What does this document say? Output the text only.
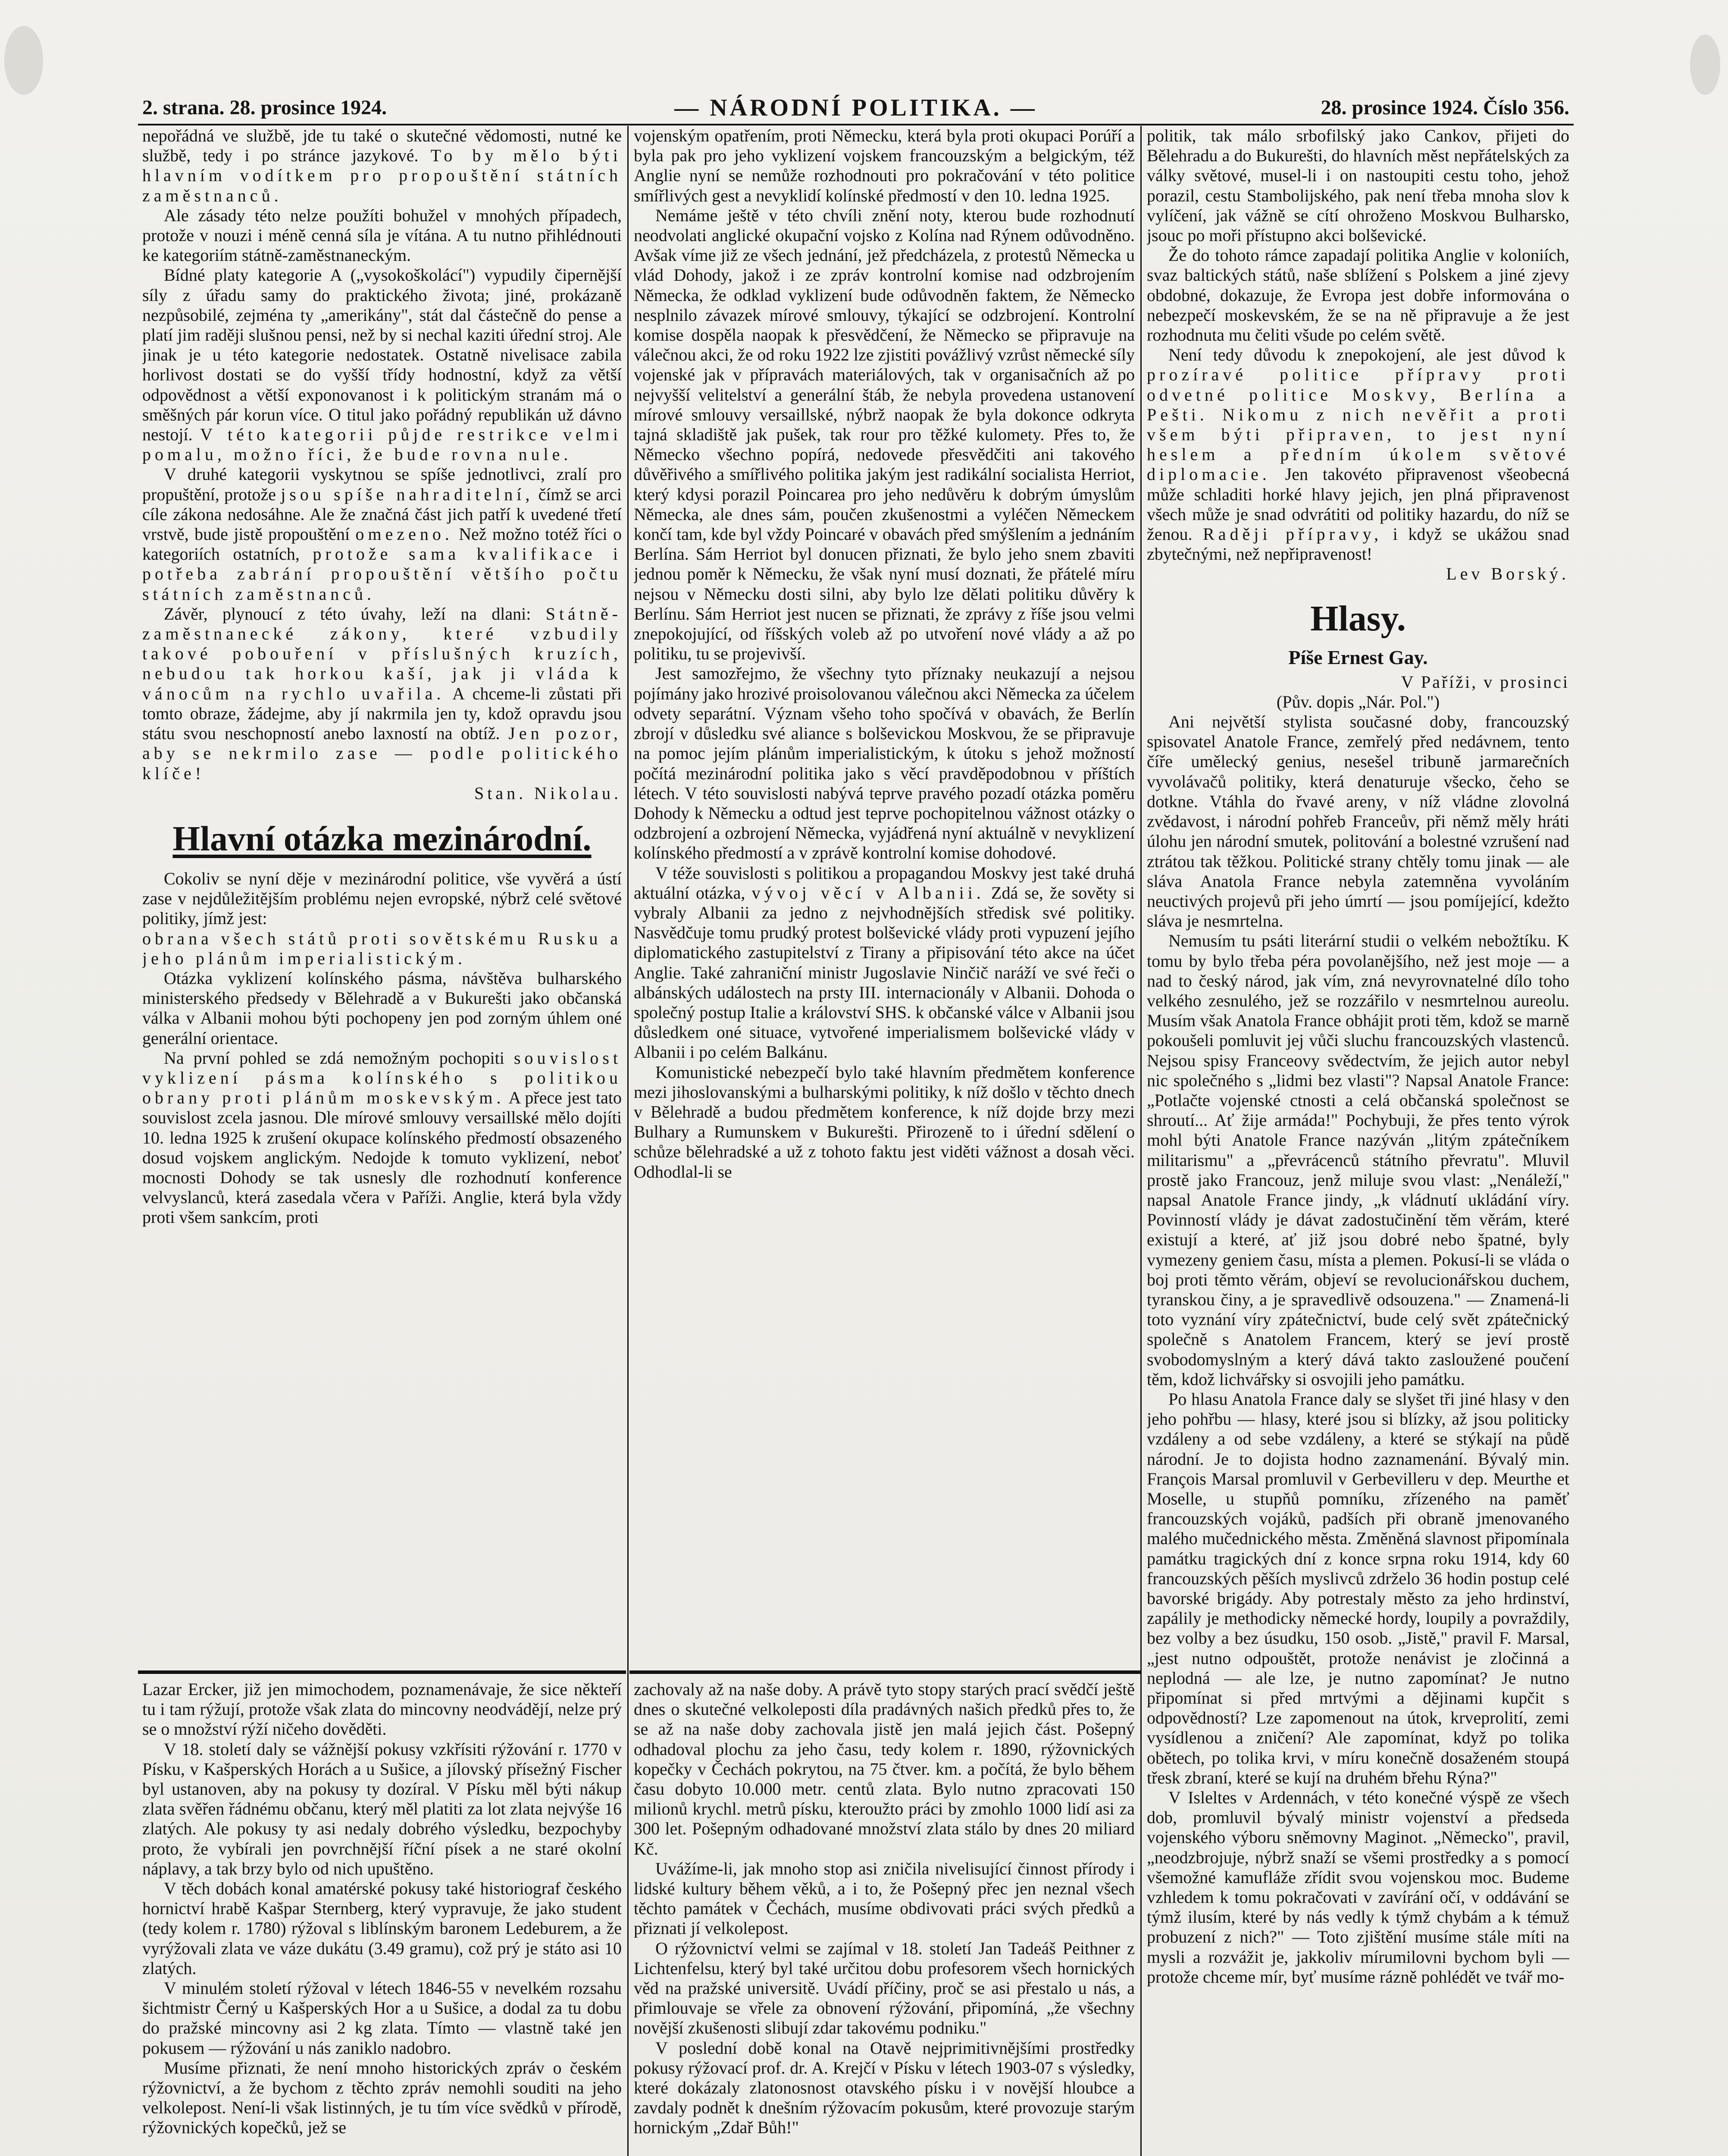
2. strana. 28. prosince 1924.	— NÁRODNÍ POLITIKA. —	28. prosince 1924. Číslo 356.

nepořádná ve službě, jde tu také o skutečné vědomosti, nutné ke službě, tedy i po stránce jazykové. To by mělo býti hlavním vodítkem pro propouštění státních zaměstnanců.

Ale zásady této nelze použíti bohužel v mnohých případech, protože v nouzi i méně cenná síla je vítána. A tu nutno přihlédnouti ke kategoriím státně-zaměstnaneckým.

Bídné platy kategorie A („vysokoškolácí") vypudily čipernější síly z úřadu samy do praktického života; jiné, prokázaně nezpůsobilé, zejména ty „amerikány", stát dal částečně do pense a platí jim raději slušnou pensi, než by si nechal kaziti úřední stroj. Ale jinak je u této kategorie nedostatek. Ostatně nivelisace zabila horlivost dostati se do vyšší třídy hodnostní, když za větší odpovědnost a větší exponovanost i k politickým stranám má o směšných pár korun více. O titul jako pořádný republikán už dávno nestojí. V této kategorii půjde restrikce velmi pomalu, možno říci, že bude rovna nule.

V druhé kategorii vyskytnou se spíše jednotlivci, zralí pro propuštění, protože jsou spíše nahraditelní, čímž se arci cíle zákona nedosáhne. Ale že značná část jich patří k uvedené třetí vrstvě, bude jistě propouštění omezeno. Než možno totéž říci o kategoriích ostatních, protože sama kvalifikace i potřeba zabrání propouštění většího počtu státních zaměstnanců.

Závěr, plynoucí z této úvahy, leží na dlani: Státně-zaměstnanecké zákony, které vzbudily takové pobouření v příslušných kruzích, nebudou tak horkou kaší, jak ji vládа k vánocům na rychlo uvařila. A chceme-li zůstati při tomto obraze, žádejme, aby jí nakrmila jen ty, kdož opravdu jsou státu svou neschopností anebo laxností na obtíž. Jen pozor, aby se nekrmilo zase — podle politického klíče!

Stan. Nikolau.

Hlavní otázka mezinárodní.

Cokoliv se nyní děje v mezinárodní politice, vše vyvěrá a ústí zase v nejdůležitějším problému nejen evropské, nýbrž celé světové politiky, jímž jest:

obrana všech států proti sovětskému Rusku a jeho plánům imperialistickým.

Otázka vyklizení kolínského pásma, návštěva bulharského ministerského předsedy v Bělehradě a v Bukurešti jako občanská válka v Albanii mohou býti pochopeny jen pod zorným úhlem oné generální orientace.

Na první pohled se zdá nemožným pochopiti souvislost vyklizení pásma kolínského s politikou obrany proti plánům moskevským. A přece jest tato souvislost zcela jasnou. Dle mírové smlouvy versaillské mělo dojíti 10. ledna 1925 k zrušení okupace kolínského předmostí obsazeného dosud vojskem anglickým. Nedojde k tomuto vyklizení, neboť mocnosti Dohody se tak usnesly dle rozhodnutí konference velvyslanců, která zasedala včera v Paříži. Anglie, která byla vždy proti všem sankcím, proti

vojenským opatřením, proti Německu, která byla proti okupaci Porúří a byla pak pro jeho vyklizení vojskem francouzským a belgickým, též Anglie nyní se nemůže rozhodnouti pro pokračování v této politice smířlivých gest a nevyklidí kolínské předmostí v den 10. ledna 1925.

Nemáme ještě v této chvíli znění noty, kterou bude rozhodnutí neodvolati anglické okupační vojsko z Kolína nad Rýnem odůvodněno. Avšak víme již ze všech jednání, jež předcházela, z protestů Německa u vlád Dohody, jakož i ze zpráv kontrolní komise nad odzbrojením Německa, že odklad vyklizení bude odůvodněn faktem, že Německo nesplnilo závazek mírové smlouvy, týkající se odzbrojení. Kontrolní komise dospěla naopak k přesvědčení, že Německo se připravuje na válečnou akci, že od roku 1922 lze zjistiti povážlivý vzrůst německé síly vojenské jak v přípravách materiálových, tak v organisačních až po nejvyšší velitelství a generální štáb, že nebyla provedena ustanovení mírové smlouvy versaillské, nýbrž naopak že byla dokonce odkryta tajná skladiště jak pušek, tak rour pro těžké kulomety. Přes to, že Německo všechno popírá, nedovede přesvědčiti ani takového důvěřivého a smířlivého politika jakým jest radikální socialista Herriot, který kdysi porazil Poincarea pro jeho nedůvěru k dobrým úmyslům Německa, ale dnes sám, poučen zkušenostmi a vyléčen Německem končí tam, kde byl vždy Poincaré v obavách před smýšlením a jednáním Berlína. Sám Herriot byl donucen přiznati, že bylo jeho snem zbaviti jednou poměr k Německu, že však nyní musí doznati, že přátelé míru nejsou v Německu dosti silni, aby bylo lze dělati politiku důvěry k Berlínu. Sám Herriot jest nucen se přiznati, že zprávy z říše jsou velmi znepokojující, od říšských voleb až po utvoření nové vlády a až po politiku, tu se projevivší.

Jest samozřejmo, že všechny tyto příznaky neukazují a nejsou pojímány jako hrozivé proisolovanou válečnou akci Německa za účelem odvety separátní. Význam všeho toho spočívá v obavách, že Berlín zbrojí v důsledku své aliance s bolševickou Moskvou, že se připravuje na pomoc jejím plánům imperialistickým, k útoku s jehož možností počítá mezinárodní politika jako s věcí pravděpodobnou v příštích létech. V této souvislosti nabývá teprve pravého pozadí otázka poměru Dohody k Německu a odtud jest teprve pochopitelnou vážnost otázky o odzbrojení a ozbrojení Německa, vyjádřená nyní aktuálně v nevyklizení kolínského předmostí a v zprávě kontrolní komise dohodové.

V téže souvislosti s politikou a propagandou Moskvy jest také druhá aktuální otázka, vývoj věcí v Albanii. Zdá se, že sověty si vybraly Albanii za jedno z nejvhodnějších středisk své politiky. Nasvědčuje tomu prudký protest bolševické vlády proti vypuzení jejího diplomatického zastupitelství z Tirany a připisování této akce na účet Anglie. Také zahraniční ministr Jugoslavie Ninčič naráží ve své řeči o albánských událostech na prsty III. internacionály v Albanii. Dohoda o společný postup Italie a království SHS. k občanské válce v Albanii jsou důsledkem oné situace, vytvořené imperialismem bolševické vlády v Albanii i po celém Balkánu.

Komunistické nebezpečí bylo také hlavním předmětem konference mezi jihoslovanskými a bulharskými politiky, k níž došlo v těchto dnech v Bělehradě a budou předmětem konference, k níž dojde brzy mezi Bulhary a Rumunskem v Bukurešti. Přirozeně to i úřední sdělení o schůze bělehradské a už z tohoto faktu jest viděti vážnost a dosah věci. Odhodlal-li se

politik, tak málo srbofilský jako Cankov, přijeti do Bělehradu a do Bukurešti, do hlavních měst nepřátelských za války světové, musel-li i on nastoupiti cestu toho, jehož porazil, cestu Stambolijského, pak není třeba mnoha slov k vylíčení, jak vážně se cítí ohroženo Moskvou Bulharsko, jsouc po moři přístupno akci bolševické.

Že do tohoto rámce zapadají politika Anglie v koloniích, svaz baltických států, naše sblížení s Polskem a jiné zjevy obdobné, dokazuje, že Evropa jest dobře informována o nebezpečí moskevském, že se na ně připravuje a že jest rozhodnuta mu čeliti všude po celém světě.

Není tedy důvodu k znepokojení, ale jest důvod k prozíravé politice přípravy proti odvetné politice Moskvy, Berlína a Pešti. Nikomu z nich nevěřit a proti všem býti připraven, to jest nyní heslem a předním úkolem světové diplomacie. Jen takovéto připravenost všeobecná může schladiti horké hlavy jejich, jen plná připravenost všech může je snad odvrátiti od politiky hazardu, do níž se ženou. Raději přípravy, i když se ukážou snad zbytečnými, než nepřipravenost!

Lev Borský.

Hlasy.
Píše Ernest Gay.

V Paříži, v prosinci

(Pův. dopis „Nár. Pol.")

Ani největší stylista současné doby, francouzský spisovatel Anatole France, zemřelý před nedávnem, tento číře umělecký genius, nesešel tribuně jarmarečních vyvolávačů politiky, která denaturuje všecko, čeho se dotkne. Vtáhla do řvavé areny, v níž vládne zlovolná zvědavost, i národní pohřeb Franceův, při němž měly hráti úlohu jen národní smutek, politování a bolestné vzrušení nad ztrátou tak těžkou. Politické strany chtěly tomu jinak — ale sláva Anatola France nebyla zatemněna vyvoláním neuctivých projevů při jeho úmrtí — jsou pomíjející, kdežto sláva je nesmrtelna.

Nemusím tu psáti literární studii o velkém nebožtíku. K tomu by bylo třeba péra povolanějšího, než jest moje — a nad to český národ, jak vím, zná nevyrovnatelné dílo toho velkého zesnulého, jež se rozzářilo v nesmrtelnou aureolu. Musím však Anatola France obhájit proti těm, kdož se marně pokoušeli pomluvit jej vůči sluchu francouzských vlastenců. Nejsou spisy Franceovy svědectvím, že jejich autor nebyl nic společného s „lidmi bez vlasti"? Napsal Anatole France: „Potlačte vojenské ctnosti a celá občanská společnost se shroutí... Ať žije armáda!" Pochybuji, že přes tento výrok mohl býti Anatole France nazýván „litým zpátečníkem militarismu" a „převrácenců státního převratu". Mluvil prostě jako Francouz, jenž miluje svou vlast: „Nenáleží," napsal Anatole France jindy, „k vládnutí ukládání víry. Povinností vlády je dávat zadostučinění těm věrám, které existují a které, ať již jsou dobré nebo špatné, byly vymezeny geniem času, místa a plemen. Pokusí-li se vláda o boj proti těmto věrám, objeví se revolucionářskou duchem, tyranskou činy, a je spravedlivě odsouzena." — Znamená-li toto vyznání víry zpátečnictví, bude celý svět zpátečnický společně s Anatolem Francem, který se jeví prostě svobodomyslným a který dává takto zasloužené poučení těm, kdož lichvářsky si osvojili jeho památku.

Po hlasu Anatola France daly se slyšet tři jiné hlasy v den jeho pohřbu — hlasy, které jsou si blízky, až jsou politicky vzdáleny a od sebe vzdáleny, a které se stýkají na půdě národní. Je to dojista hodno zaznamenání. Bývalý min. François Marsal promluvil v Gerbevilleru v dep. Meurthe et Moselle, u stupňů pomníku, zřízeného na paměť francouzských vojáků, padších při obraně jmenovaného malého mučednického města. Změněná slavnost připomínala památku tragických dní z konce srpna roku 1914, kdy 60 francouzských pěších myslivců zdrželo 36 hodin postup celé bavorské brigády. Aby potrestaly město za jeho hrdinství, zapálily je methodicky německé hordy, loupily a povraždily, bez volby a bez úsudku, 150 osob. „Jistě," pravil F. Marsal, „jest nutno odpouštět, protože nenávist je zločinná a neplodná — ale lze, je nutno zapomínat? Je nutno připomínat si před mrtvými a dějinami kupčit s odpovědností? Lze zapomenout na útok, krveprolití, zemi vysídlenou a zničení? Ale zapomínat, když po tolika obětech, po tolika krvi, v míru konečně dosaženém stoupá třesk zbraní, které se kují na druhém břehu Rýna?"

V Isleltes v Ardennách, v této konečné výspě ze všech dob, promluvil bývalý ministr vojenství a předseda vojenského výboru sněmovny Maginot. „Německo", pravil, „neodzbrojuje, nýbrž snaží se všemi prostředky a s pomocí všemožné kamufláže zřídit svou vojenskou moc. Budeme vzhledem k tomu pokračovati v zavírání očí, v oddávání se týmž ilusím, které by nás vedly k týmž chybám a k témuž probuzení z nich?" — Toto zjištění musíme stále míti na mysli a rozvážit je, jakkoliv mírumilovni bychom byli — protože chceme mír, byť musíme rázně pohlédět ve tvář mo-

Lazar Ercker, již jen mimochodem, poznamenávaje, že sice někteří tu i tam rýžují, protože však zlata do mincovny neodvádějí, nelze prý se o množství rýží ničeho dověděti.

V 18. století daly se vážnější pokusy vzkřísiti rýžování r. 1770 v Písku, v Kašperských Horách a u Sušice, a jílovský přísežný Fischer byl ustanoven, aby na pokusy ty dozíral. V Písku měl býti nákup zlata svěřen řádnému občanu, který měl platiti za lot zlata nejvýše 16 zlatých. Ale pokusy ty asi nedaly dobrého výsledku, bezpochyby proto, že vybírali jen povrchnější říční písek a ne staré okolní náplavy, a tak brzy bylo od nich upuštěno.

V těch dobách konal amatérské pokusy také historiograf českého hornictví hrabě Kašpar Sternberg, který vypravuje, že jako student (tedy kolem r. 1780) rýžoval s liblínským baronem Ledeburem, a že vyrýžovali zlata ve váze dukátu (3.49 gramu), což prý je státo asi 10 zlatých.

V minulém století rýžoval v létech 1846-55 v nevelkém rozsahu šichtmistr Černý u Kašperských Hor a u Sušice, a dodal za tu dobu do pražské mincovny asi 2 kg zlata. Tímto — vlastně také jen pokusem — rýžování u nás zaniklo nadobro.

Musíme přiznati, že není mnoho historických zpráv o českém rýžovnictví, a že bychom z těchto zpráv nemohli souditi na jeho velkolepost. Není-li však listinných, je tu tím více svědků v přírodě, rýžovnických kopečků, jež se

zachovaly až na naše doby. A právě tyto stopy starých prací svědčí ještě dnes o skutečné velkoleposti díla pradávných našich předků přes to, že se až na naše doby zachovala jistě jen malá jejich část. Pošepný odhadoval plochu za jeho času, tedy kolem r. 1890, rýžovnických kopečky v Čechách pokrytou, na 75 čtver. km. a počítá, že bylo během času dobyto 10.000 metr. centů zlata. Bylo nutno zpracovati 150 milionů krychl. metrů písku, kteroužto práci by zmohlo 1000 lidí asi za 300 let. Pošepným odhadované množství zlata stálo by dnes 20 miliard Kč.

Uvážíme-li, jak mnoho stop asi zničila nivelisující činnost přírody i lidské kultury během věků, a i to, že Pošepný přec jen neznal všech těchto památek v Čechách, musíme obdivovati práci svých předků a přiznati jí velkolepost.

O rýžovnictví velmi se zajímal v 18. století Jan Tadeáš Peithner z Lichtenfelsu, který byl také určitou dobu profesorem všech hornických věd na pražské universitě. Uvádí příčiny, proč se asi přestalo u nás, a přimlouvaje se vřele za obnovení rýžování, připomíná, „že všechny novější zkušenosti slibují zdar takovému podniku."

V poslední době konal na Otavě nejprimitivnějšími prostředky pokusy rýžovací prof. dr. A. Krejčí v Písku v létech 1903-07 s výsledky, které dokázaly zlatonosnost otavského písku i v novější hloubce a zavdaly podnět k dnešním rýžovacím pokusům, které provozuje starým hornickým „Zdař Bůh!"
